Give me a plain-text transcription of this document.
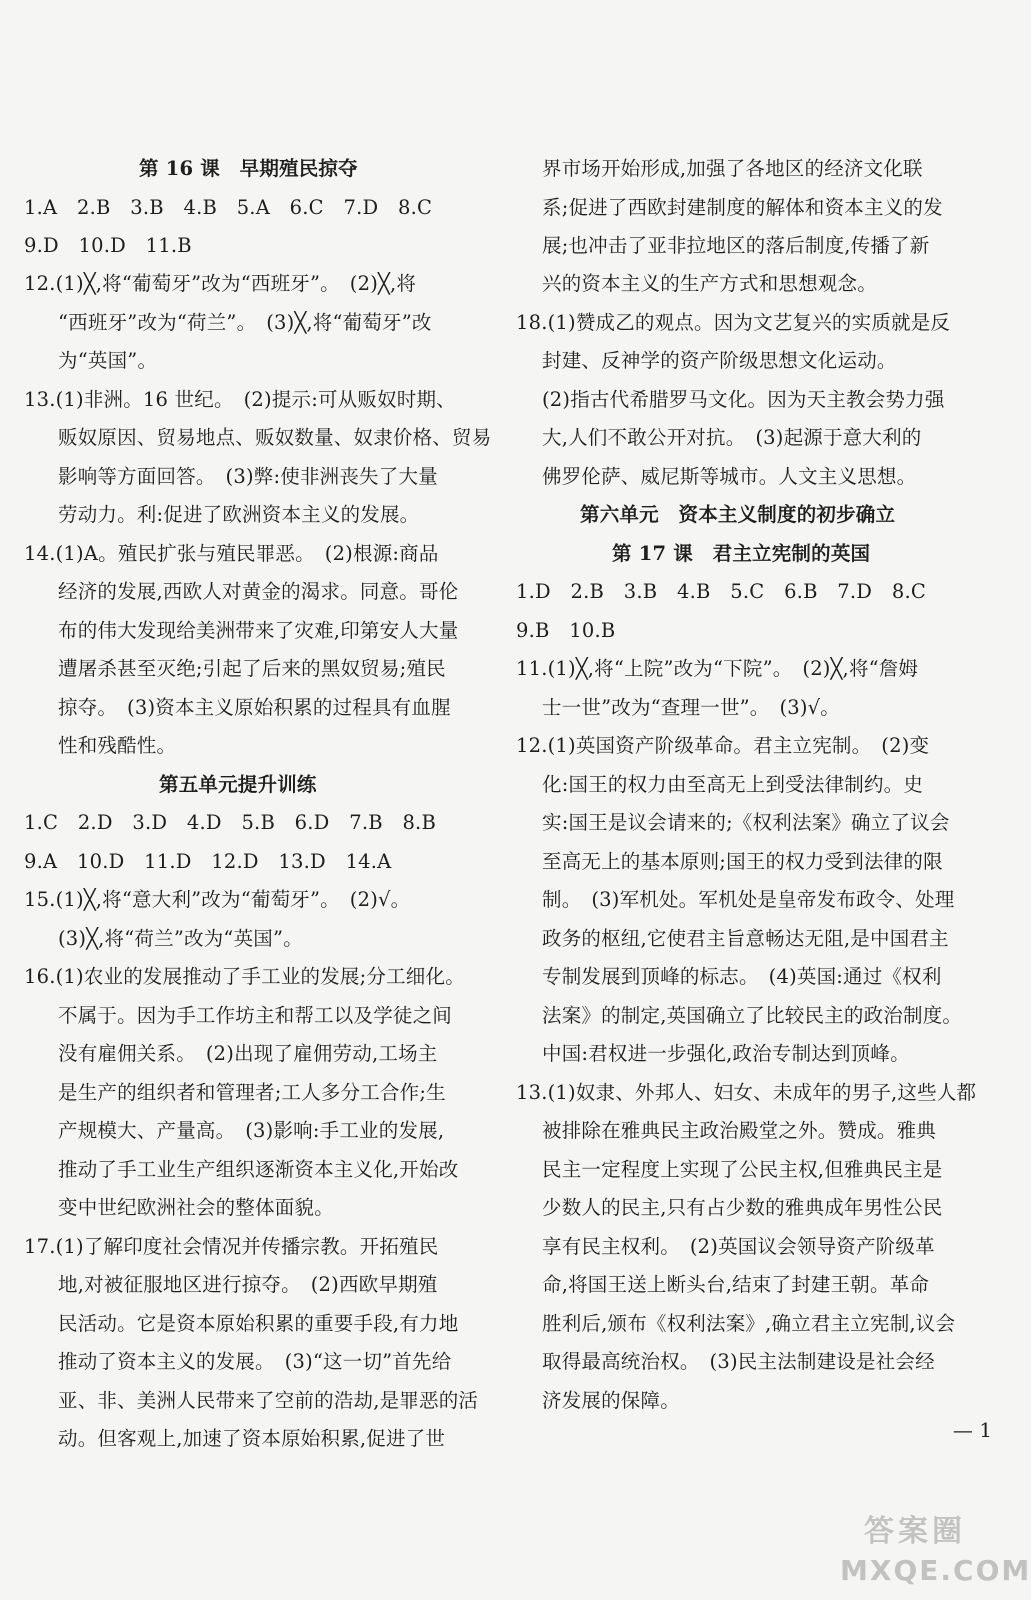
第 16 课　早期殖民掠夺
1.A　2.B　3.B　4.B　5.A　6.C　7.D　8.C
9.D　10.D　11.B
12.(1)╳,将“葡萄牙”改为“西班牙”。　(2)╳,将
“西班牙”改为“荷兰”。　(3)╳,将“葡萄牙”改
为“英国”。
13.(1)非洲。16 世纪。　(2)提示:可从贩奴时期、
贩奴原因、贸易地点、贩奴数量、奴隶价格、贸易
影响等方面回答。　(3)弊:使非洲丧失了大量
劳动力。利:促进了欧洲资本主义的发展。
14.(1)A。殖民扩张与殖民罪恶。　(2)根源:商品
经济的发展,西欧人对黄金的渴求。同意。哥伦
布的伟大发现给美洲带来了灾难,印第安人大量
遭屠杀甚至灭绝;引起了后来的黑奴贸易;殖民
掠夺。　(3)资本主义原始积累的过程具有血腥
性和残酷性。
第五单元提升训练
1.C　2.D　3.D　4.D　5.B　6.D　7.B　8.B
9.A　10.D　11.D　12.D　13.D　14.A
15.(1)╳,将“意大利”改为“葡萄牙”。　(2)√。
(3)╳,将“荷兰”改为“英国”。
16.(1)农业的发展推动了手工业的发展;分工细化。
不属于。因为手工作坊主和帮工以及学徒之间
没有雇佣关系。　(2)出现了雇佣劳动,工场主
是生产的组织者和管理者;工人多分工合作;生
产规模大、产量高。　(3)影响:手工业的发展,
推动了手工业生产组织逐渐资本主义化,开始改
变中世纪欧洲社会的整体面貌。
17.(1)了解印度社会情况并传播宗教。开拓殖民
地,对被征服地区进行掠夺。　(2)西欧早期殖
民活动。它是资本原始积累的重要手段,有力地
推动了资本主义的发展。　(3)“这一切”首先给
亚、非、美洲人民带来了空前的浩劫,是罪恶的活
动。但客观上,加速了资本原始积累,促进了世
界市场开始形成,加强了各地区的经济文化联
系;促进了西欧封建制度的解体和资本主义的发
展;也冲击了亚非拉地区的落后制度,传播了新
兴的资本主义的生产方式和思想观念。
18.(1)赞成乙的观点。因为文艺复兴的实质就是反
封建、反神学的资产阶级思想文化运动。
(2)指古代希腊罗马文化。因为天主教会势力强
大,人们不敢公开对抗。　(3)起源于意大利的
佛罗伦萨、威尼斯等城市。人文主义思想。
第六单元　资本主义制度的初步确立
第 17 课　君主立宪制的英国
1.D　2.B　3.B　4.B　5.C　6.B　7.D　8.C
9.B　10.B
11.(1)╳,将“上院”改为“下院”。　(2)╳,将“詹姆
士一世”改为“查理一世”。　(3)√。
12.(1)英国资产阶级革命。君主立宪制。　(2)变
化:国王的权力由至高无上到受法律制约。史
实:国王是议会请来的;《权利法案》确立了议会
至高无上的基本原则;国王的权力受到法律的限
制。　(3)军机处。军机处是皇帝发布政令、处理
政务的枢纽,它使君主旨意畅达无阻,是中国君主
专制发展到顶峰的标志。　(4)英国:通过《权利
法案》的制定,英国确立了比较民主的政治制度。
中国:君权进一步强化,政治专制达到顶峰。
13.(1)奴隶、外邦人、妇女、未成年的男子,这些人都
被排除在雅典民主政治殿堂之外。赞成。雅典
民主一定程度上实现了公民主权,但雅典民主是
少数人的民主,只有占少数的雅典成年男性公民
享有民主权利。　(2)英国议会领导资产阶级革
命,将国王送上断头台,结束了封建王朝。革命
胜利后,颁布《权利法案》,确立君主立宪制,议会
取得最高统治权。　(3)民主法制建设是社会经
济发展的保障。
— 1
答案圈
MXQE.COM
